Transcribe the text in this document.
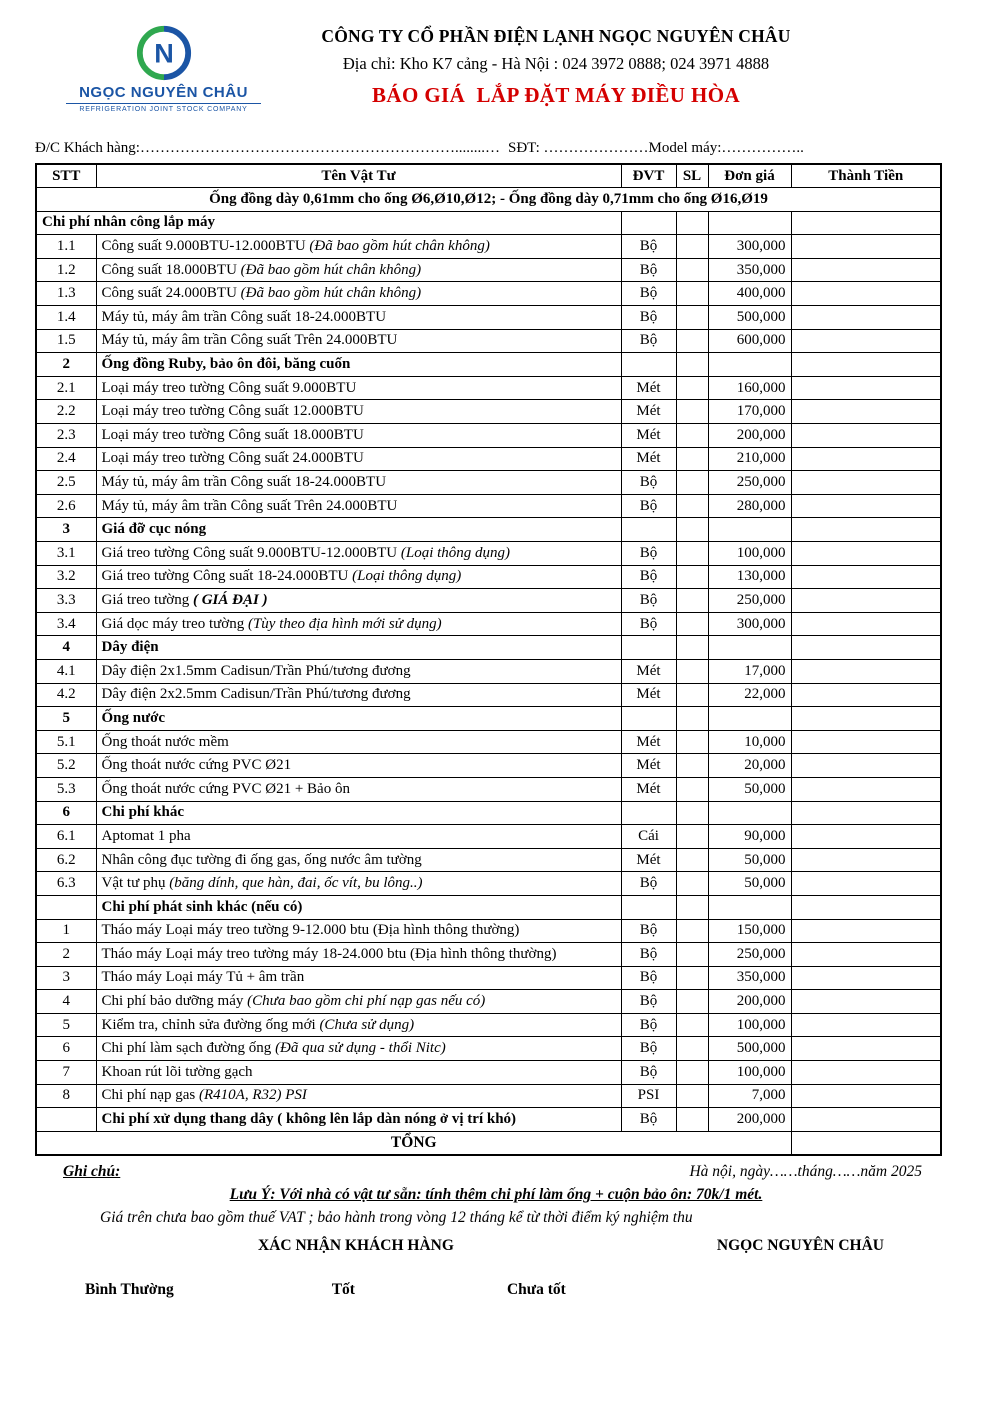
N
NGỌC NGUYÊN CHÂU
REFRIGERATION JOINT STOCK COMPANY
CÔNG TY CỔ PHẦN ĐIỆN LẠNH NGỌC NGUYÊN CHÂU
Địa chỉ: Kho K7 cảng - Hà Nội : 024 3972 0888; 024 3971 4888
BÁO GIÁ  LẮP ĐẶT MÁY ĐIỀU HÒA
Đ/C Khách hàng:………………………………………………………........… SĐT: ………………… Model máy:……………..
STT	Tên Vật Tư	ĐVT	SL	Đơn giá	Thành Tiền
Ống đồng dày 0,61mm cho ống Ø6,Ø10,Ø12; - Ống đồng dày 0,71mm cho ống Ø16,Ø19					
Chi phí nhân công lắp máy					
1.1	Công suất 9.000BTU-12.000BTU (Đã bao gồm hút chân không)	Bộ		300,000	
1.2	Công suất 18.000BTU (Đã bao gồm hút chân không)	Bộ		350,000	
1.3	Công suất 24.000BTU (Đã bao gồm hút chân không)	Bộ		400,000	
1.4	Máy tủ, máy âm trần Công suất 18-24.000BTU	Bộ		500,000	
1.5	Máy tủ, máy âm trần Công suất Trên 24.000BTU	Bộ		600,000	
2	Ống đồng Ruby, bảo ôn đôi, băng cuốn				
2.1	Loại máy treo tường Công suất 9.000BTU	Mét		160,000	
2.2	Loại máy treo tường Công suất 12.000BTU	Mét		170,000	
2.3	Loại máy treo tường Công suất 18.000BTU	Mét		200,000	
2.4	Loại máy treo tường Công suất 24.000BTU	Mét		210,000	
2.5	Máy tủ, máy âm trần Công suất 18-24.000BTU	Bộ		250,000	
2.6	Máy tủ, máy âm trần Công suất Trên 24.000BTU	Bộ		280,000	
3	Giá đỡ cục nóng				
3.1	Giá treo tường Công suất 9.000BTU-12.000BTU (Loại thông dụng)	Bộ		100,000	
3.2	Giá treo tường Công suất 18-24.000BTU (Loại thông dụng)	Bộ		130,000	
3.3	Giá treo tường ( GIÁ ĐẠI )	Bộ		250,000	
3.4	Giá dọc máy treo tường (Tùy theo địa hình mới sử dụng)	Bộ		300,000	
4	Dây điện				
4.1	Dây điện 2x1.5mm Cadisun/Trần Phú/tương đương	Mét		17,000	
4.2	Dây điện 2x2.5mm Cadisun/Trần Phú/tương đương	Mét		22,000	
5	Ống nước				
5.1	Ống thoát nước mềm	Mét		10,000	
5.2	Ống thoát nước cứng PVC Ø21	Mét		20,000	
5.3	Ống thoát nước cứng PVC Ø21 + Bảo ôn	Mét		50,000	
6	Chi phí khác				
6.1	Aptomat 1 pha	Cái		90,000	
6.2	Nhân công đục tường đi ống gas, ống nước âm tường	Mét		50,000	
6.3	Vật tư phụ (băng dính, que hàn, đai, ốc vít, bu lông..)	Bộ		50,000	
	Chi phí phát sinh khác (nếu có)				
1	Tháo máy Loại máy treo tường 9-12.000 btu (Địa hình thông thường)	Bộ		150,000	
2	Tháo máy Loại máy treo tường máy 18-24.000 btu (Địa hình thông thường)	Bộ		250,000	
3	Tháo máy Loại máy Tủ + âm trần	Bộ		350,000	
4	Chi phí bảo dưỡng máy (Chưa bao gồm chi phí nạp gas nếu có)	Bộ		200,000	
5	Kiểm tra, chỉnh sửa đường ống mới (Chưa sử dụng)	Bộ		100,000	
6	Chi phí làm sạch đường ống (Đã qua sử dụng - thổi Nitc)	Bộ		500,000	
7	Khoan rút lõi tường gạch	Bộ		100,000	
8	Chi phí nạp gas (R410A, R32) PSI	PSI		7,000	
	Chi phí xử dụng thang dây ( không lên lắp dàn nóng ở vị trí khó)	Bộ		200,000	
TỔNG					
Ghi chú:	Hà nội, ngày……tháng……năm 2025
Lưu Ý: Với nhà có vật tư sẵn: tính thêm chi phí làm ống + cuộn bảo ôn: 70k/1 mét.
Giá trên chưa bao gồm thuế VAT ; bảo hành trong vòng 12 tháng kể từ thời điểm ký nghiệm thu
XÁC NHẬN KHÁCH HÀNG	NGỌC NGUYÊN CHÂU
Bình Thường	Tốt	Chưa tốt
